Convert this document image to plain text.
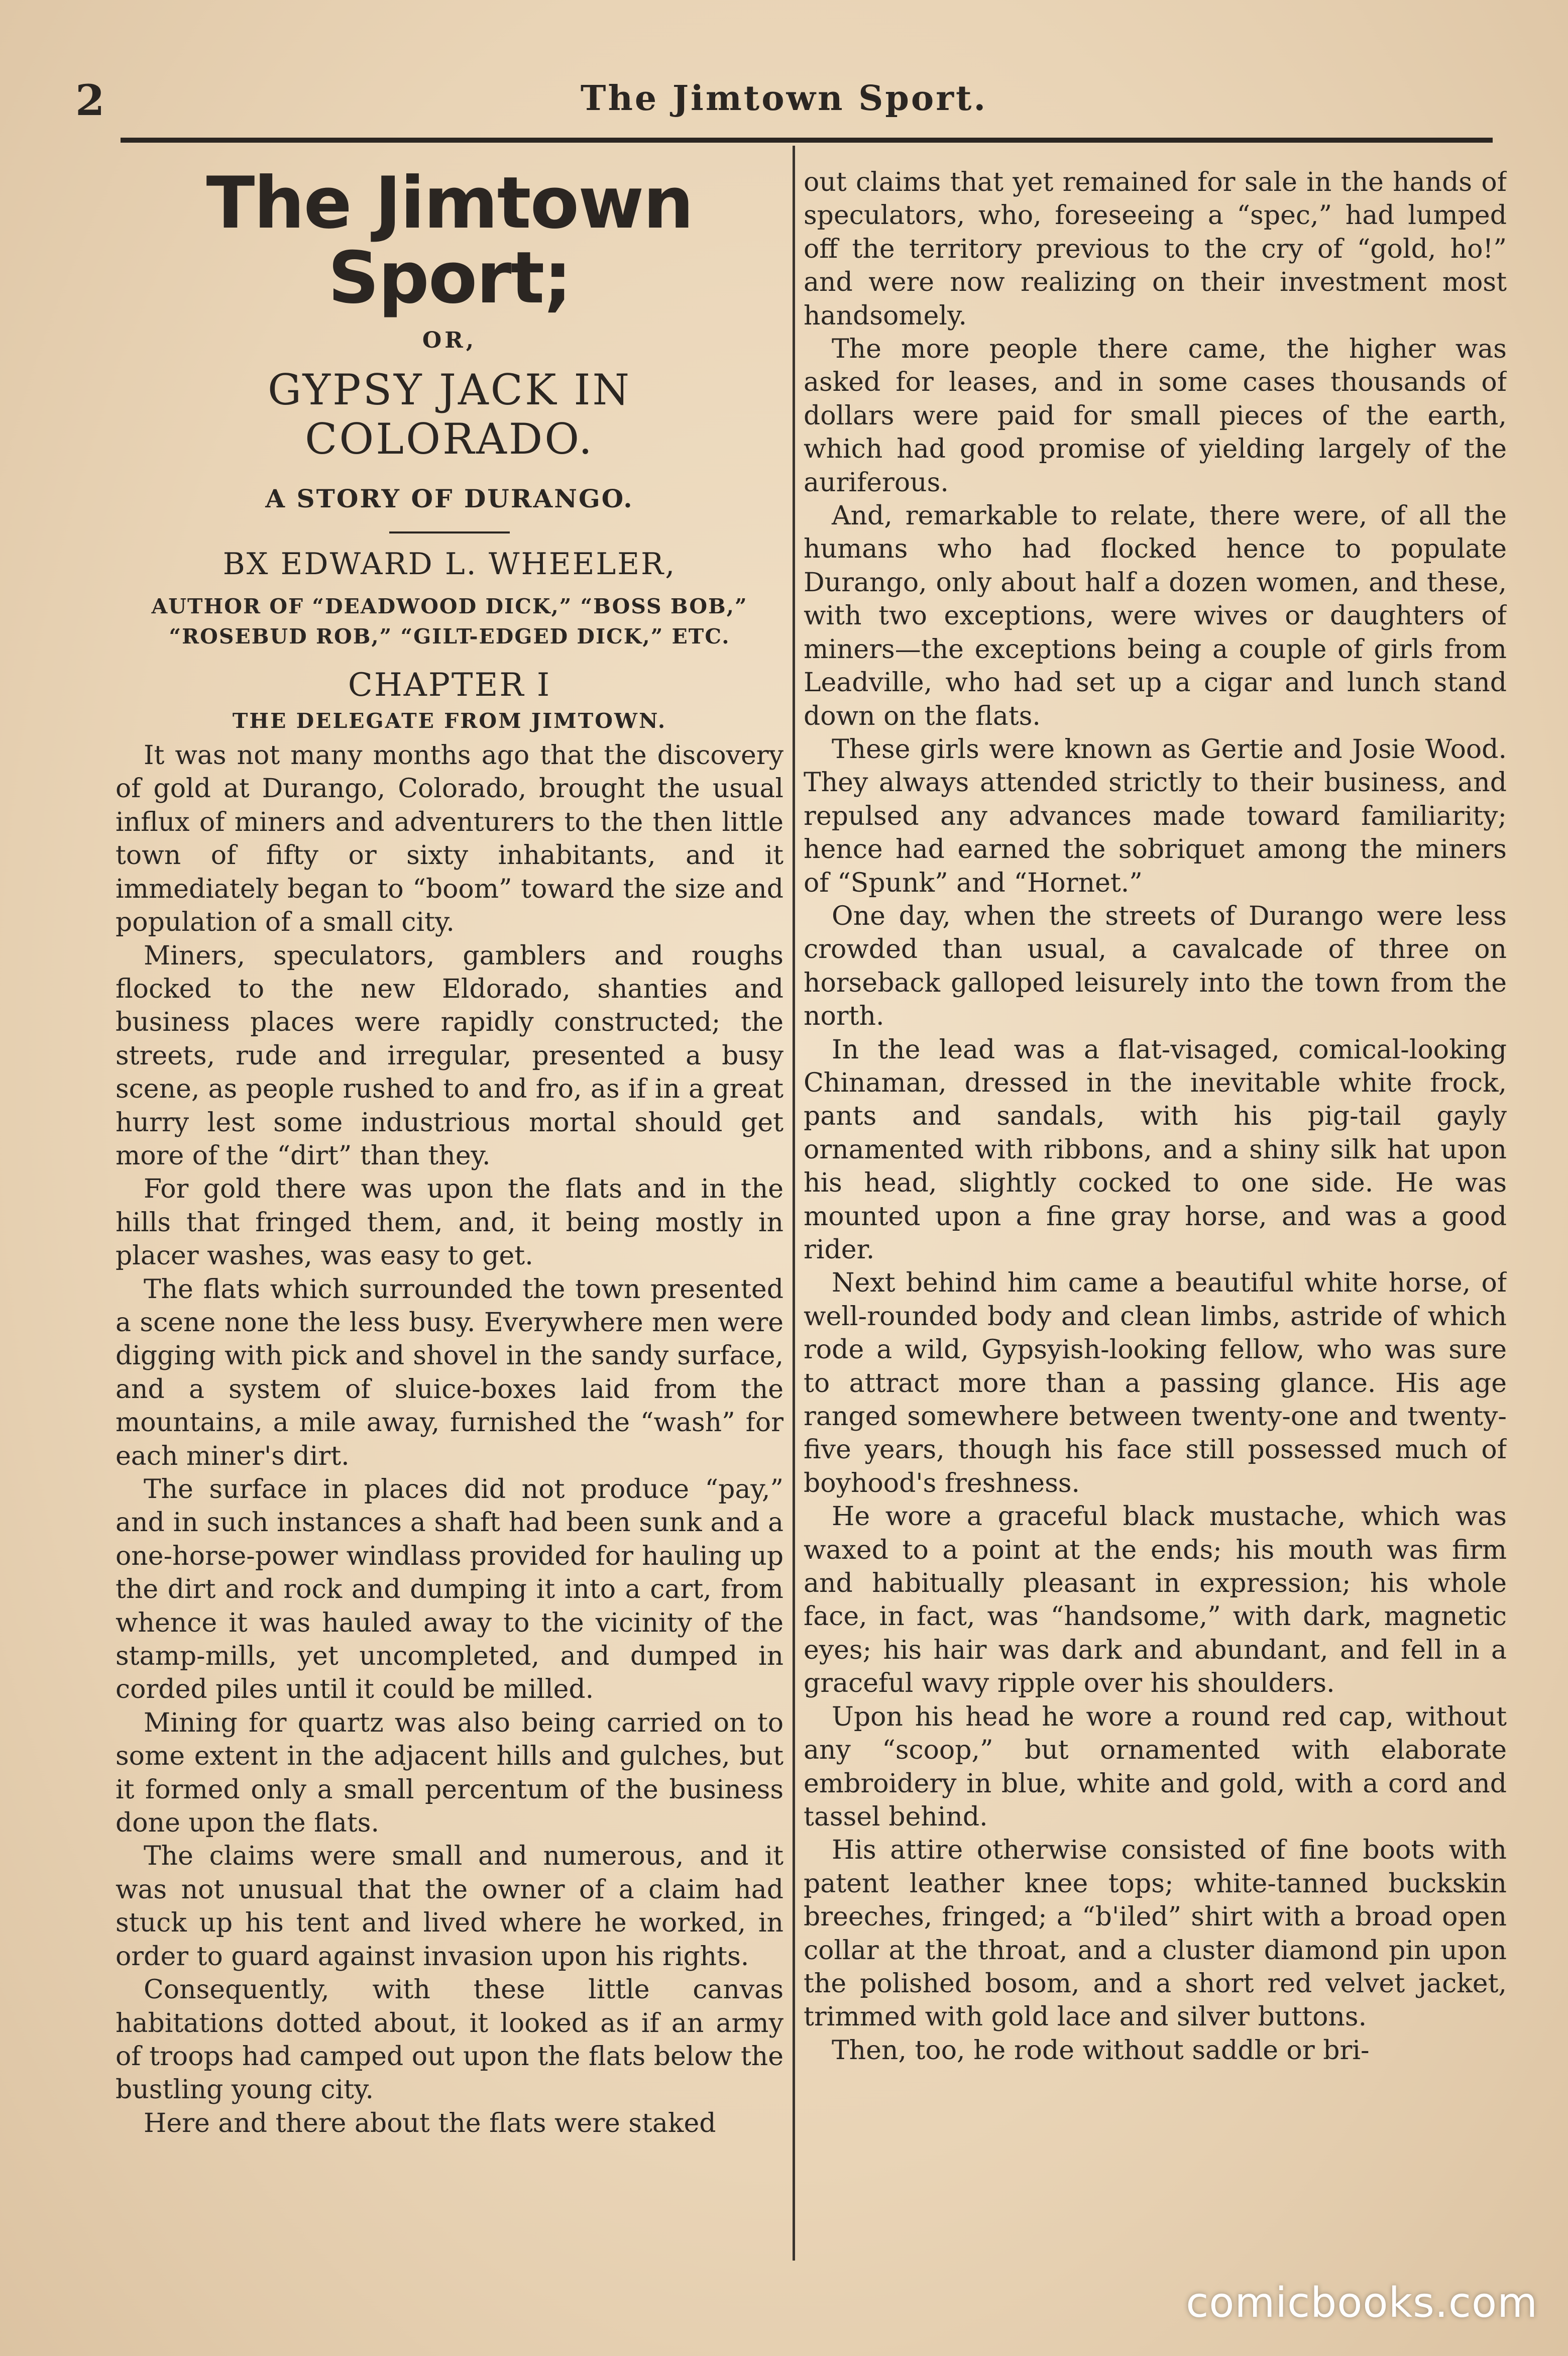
2	The Jimtown Sport.
The Jimtown Sport;
OR,
GYPSY JACK IN COLORADO.
A STORY OF DURANGO.
BX EDWARD L. WHEELER,
AUTHOR OF “DEADWOOD DICK,” “BOSS BOB,” “ROSEBUD ROB,” “GILT-EDGED DICK,” ETC.
CHAPTER I
THE DELEGATE FROM JIMTOWN.

It was not many months ago that the discovery of gold at Durango, Colorado, brought the usual influx of miners and adventurers to the then little town of fifty or sixty inhabitants, and it immediately began to “boom” toward the size and population of a small city.

Miners, speculators, gamblers and roughs flocked to the new Eldorado, shanties and business places were rapidly constructed; the streets, rude and irregular, presented a busy scene, as people rushed to and fro, as if in a great hurry lest some industrious mortal should get more of the “dirt” than they.

For gold there was upon the flats and in the hills that fringed them, and, it being mostly in placer washes, was easy to get.

The flats which surrounded the town presented a scene none the less busy. Everywhere men were digging with pick and shovel in the sandy surface, and a system of sluice-boxes laid from the mountains, a mile away, furnished the “wash” for each miner's dirt.

The surface in places did not produce “pay,” and in such instances a shaft had been sunk and a one-horse-power windlass provided for hauling up the dirt and rock and dumping it into a cart, from whence it was hauled away to the vicinity of the stamp-mills, yet uncompleted, and dumped in corded piles until it could be milled.

Mining for quartz was also being carried on to some extent in the adjacent hills and gulches, but it formed only a small percentum of the business done upon the flats.

The claims were small and numerous, and it was not unusual that the owner of a claim had stuck up his tent and lived where he worked, in order to guard against invasion upon his rights.

Consequently, with these little canvas habitations dotted about, it looked as if an army of troops had camped out upon the flats below the bustling young city.

Here and there about the flats were staked

out claims that yet remained for sale in the hands of speculators, who, foreseeing a “spec,” had lumped off the territory previous to the cry of “gold, ho!” and were now realizing on their investment most handsomely.

The more people there came, the higher was asked for leases, and in some cases thousands of dollars were paid for small pieces of the earth, which had good promise of yielding largely of the auriferous.

And, remarkable to relate, there were, of all the humans who had flocked hence to populate Durango, only about half a dozen women, and these, with two exceptions, were wives or daughters of miners—the exceptions being a couple of girls from Leadville, who had set up a cigar and lunch stand down on the flats.

These girls were known as Gertie and Josie Wood. They always attended strictly to their business, and repulsed any advances made toward familiarity; hence had earned the sobriquet among the miners of “Spunk” and “Hornet.”

One day, when the streets of Durango were less crowded than usual, a cavalcade of three on horseback galloped leisurely into the town from the north.

In the lead was a flat-visaged, comical-looking Chinaman, dressed in the inevitable white frock, pants and sandals, with his pig-tail gayly ornamented with ribbons, and a shiny silk hat upon his head, slightly cocked to one side. He was mounted upon a fine gray horse, and was a good rider.

Next behind him came a beautiful white horse, of well-rounded body and clean limbs, astride of which rode a wild, Gypsyish-looking fellow, who was sure to attract more than a passing glance. His age ranged somewhere between twenty-one and twenty-five years, though his face still possessed much of boyhood's freshness.

He wore a graceful black mustache, which was waxed to a point at the ends; his mouth was firm and habitually pleasant in expression; his whole face, in fact, was “handsome,” with dark, magnetic eyes; his hair was dark and abundant, and fell in a graceful wavy ripple over his shoulders.

Upon his head he wore a round red cap, without any “scoop,” but ornamented with elaborate embroidery in blue, white and gold, with a cord and tassel behind.

His attire otherwise consisted of fine boots with patent leather knee tops; white-tanned buckskin breeches, fringed; a “b'iled” shirt with a broad open collar at the throat, and a cluster diamond pin upon the polished bosom, and a short red velvet jacket, trimmed with gold lace and silver buttons.

Then, too, he rode without saddle or bri-

comicbooks.com
